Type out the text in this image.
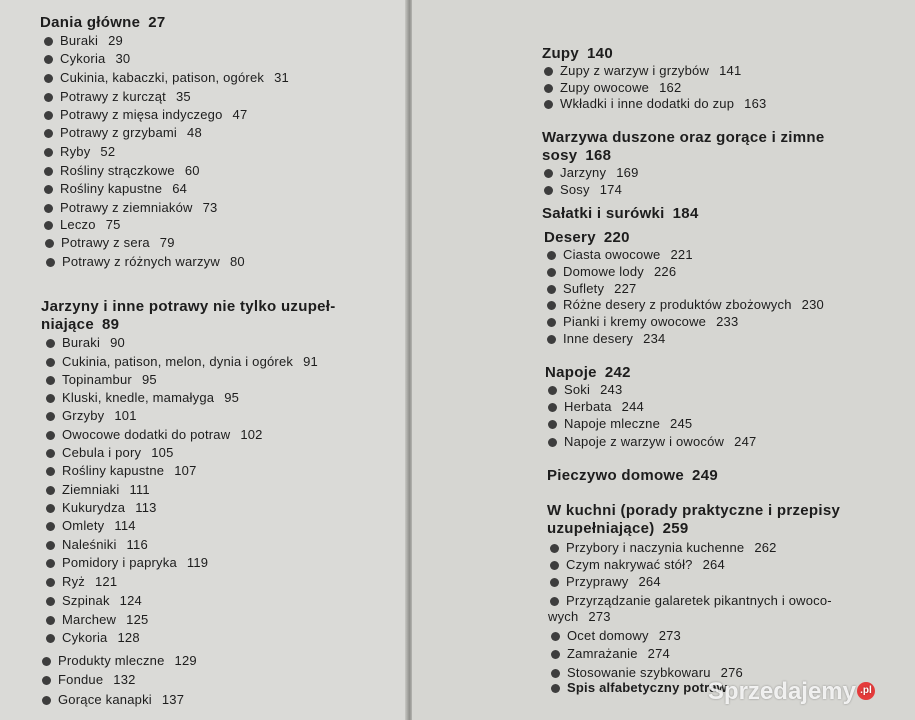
Dania główne 27
Buraki 29
Cykoria 30
Cukinia, kabaczki, patison, ogórek 31
Potrawy z kurcząt 35
Potrawy z mięsa indyczego 47
Potrawy z grzybami 48
Ryby 52
Rośliny strączkowe 60
Rośliny kapustne 64
Potrawy z ziemniaków 73
Leczo 75
Potrawy z sera 79
Potrawy z różnych warzyw 80
Jarzyny i inne potrawy nie tylko uzupeł-
niające 89
Buraki 90
Cukinia, patison, melon, dynia i ogórek 91
Topinambur 95
Kluski, knedle, mamałyga 95
Grzyby 101
Owocowe dodatki do potraw 102
Cebula i pory 105
Rośliny kapustne 107
Ziemniaki 111
Kukurydza 113
Omlety 114
Naleśniki 116
Pomidory i papryka 119
Ryż 121
Szpinak 124
Marchew 125
Cykoria 128
Produkty mleczne 129
Fondue 132
Gorące kanapki 137
Zupy 140
Zupy z warzyw i grzybów 141
Zupy owocowe 162
Wkładki i inne dodatki do zup 163
Warzywa duszone oraz gorące i zimne
sosy 168
Jarzyny 169
Sosy 174
Sałatki i surówki 184
Desery 220
Ciasta owocowe 221
Domowe lody 226
Suflety 227
Różne desery z produktów zbożowych 230
Pianki i kremy owocowe 233
Inne desery 234
Napoje 242
Soki 243
Herbata 244
Napoje mleczne 245
Napoje z warzyw i owoców 247
Pieczywo domowe 249
W kuchni (porady praktyczne i przepisy
uzupełniające) 259
Przybory i naczynia kuchenne 262
Czym nakrywać stół? 264
Przyprawy 264
Przyrządzanie galaretek pikantnych i owoco-
wych 273
Ocet domowy 273
Zamrażanie 274
Stosowanie szybkowaru 276
Spis alfabetyczny potraw
Sprzedajemy .pl
